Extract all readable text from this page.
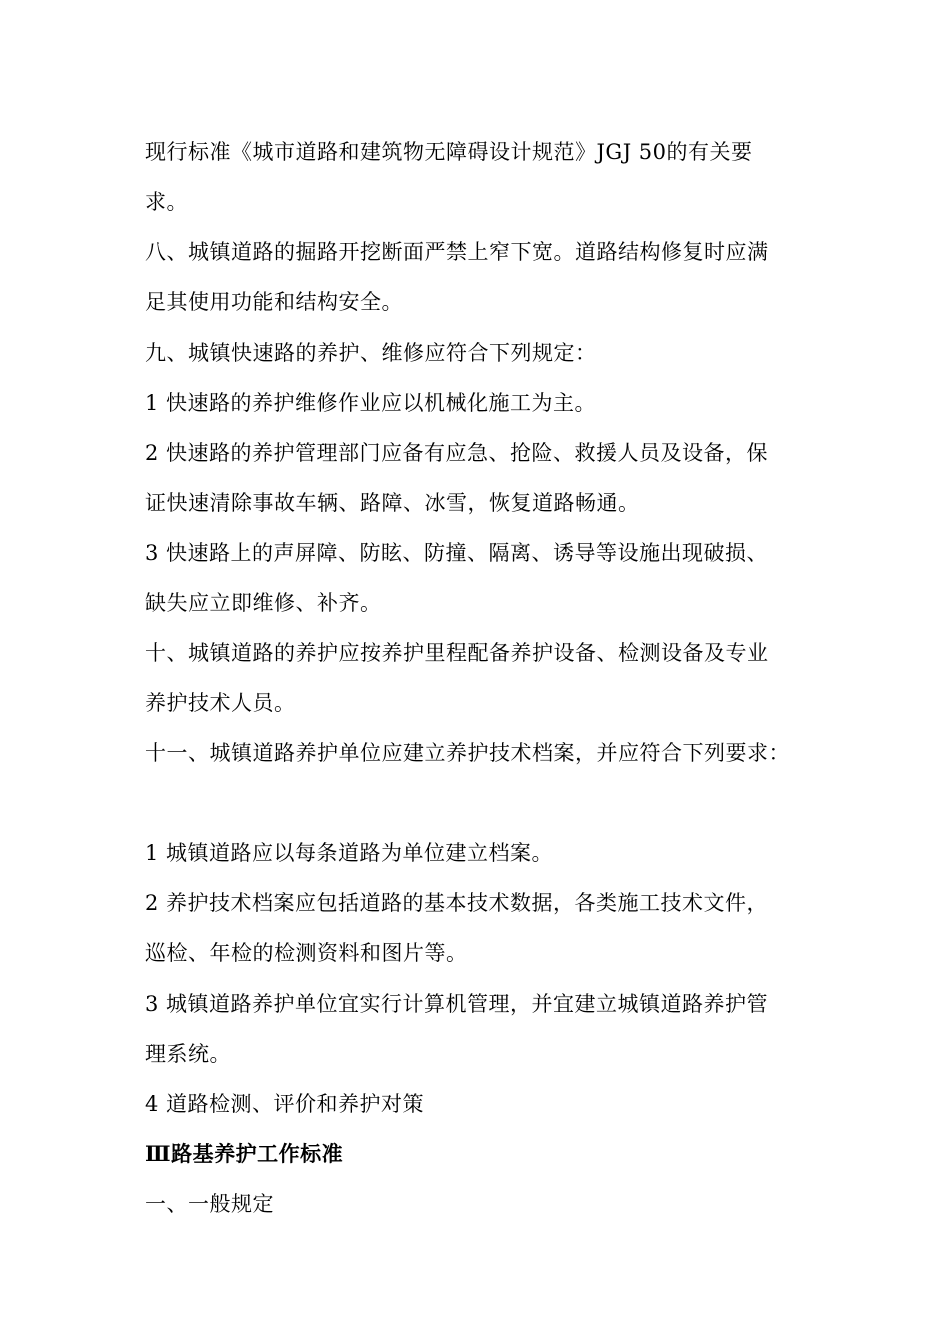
现行标准《城市道路和建筑物无障碍设计规范》JGJ 50的有关要
求。
八、城镇道路的掘路开挖断面严禁上窄下宽。道路结构修复时应满
足其使用功能和结构安全。
九、城镇快速路的养护、维修应符合下列规定：
1 快速路的养护维修作业应以机械化施工为主。
2 快速路的养护管理部门应备有应急、抢险、救援人员及设备，保
证快速清除事故车辆、路障、冰雪，恢复道路畅通。
3 快速路上的声屏障、防眩、防撞、隔离、诱导等设施出现破损、
缺失应立即维修、补齐。
十、城镇道路的养护应按养护里程配备养护设备、检测设备及专业
养护技术人员。
十一、城镇道路养护单位应建立养护技术档案，并应符合下列要求：
1 城镇道路应以每条道路为单位建立档案。
2 养护技术档案应包括道路的基本技术数据，各类施工技术文件，
巡检、年检的检测资料和图片等。
3 城镇道路养护单位宜实行计算机管理，并宜建立城镇道路养护管
理系统。
4 道路检测、评价和养护对策
Ⅲ路基养护工作标准
一、一般规定
